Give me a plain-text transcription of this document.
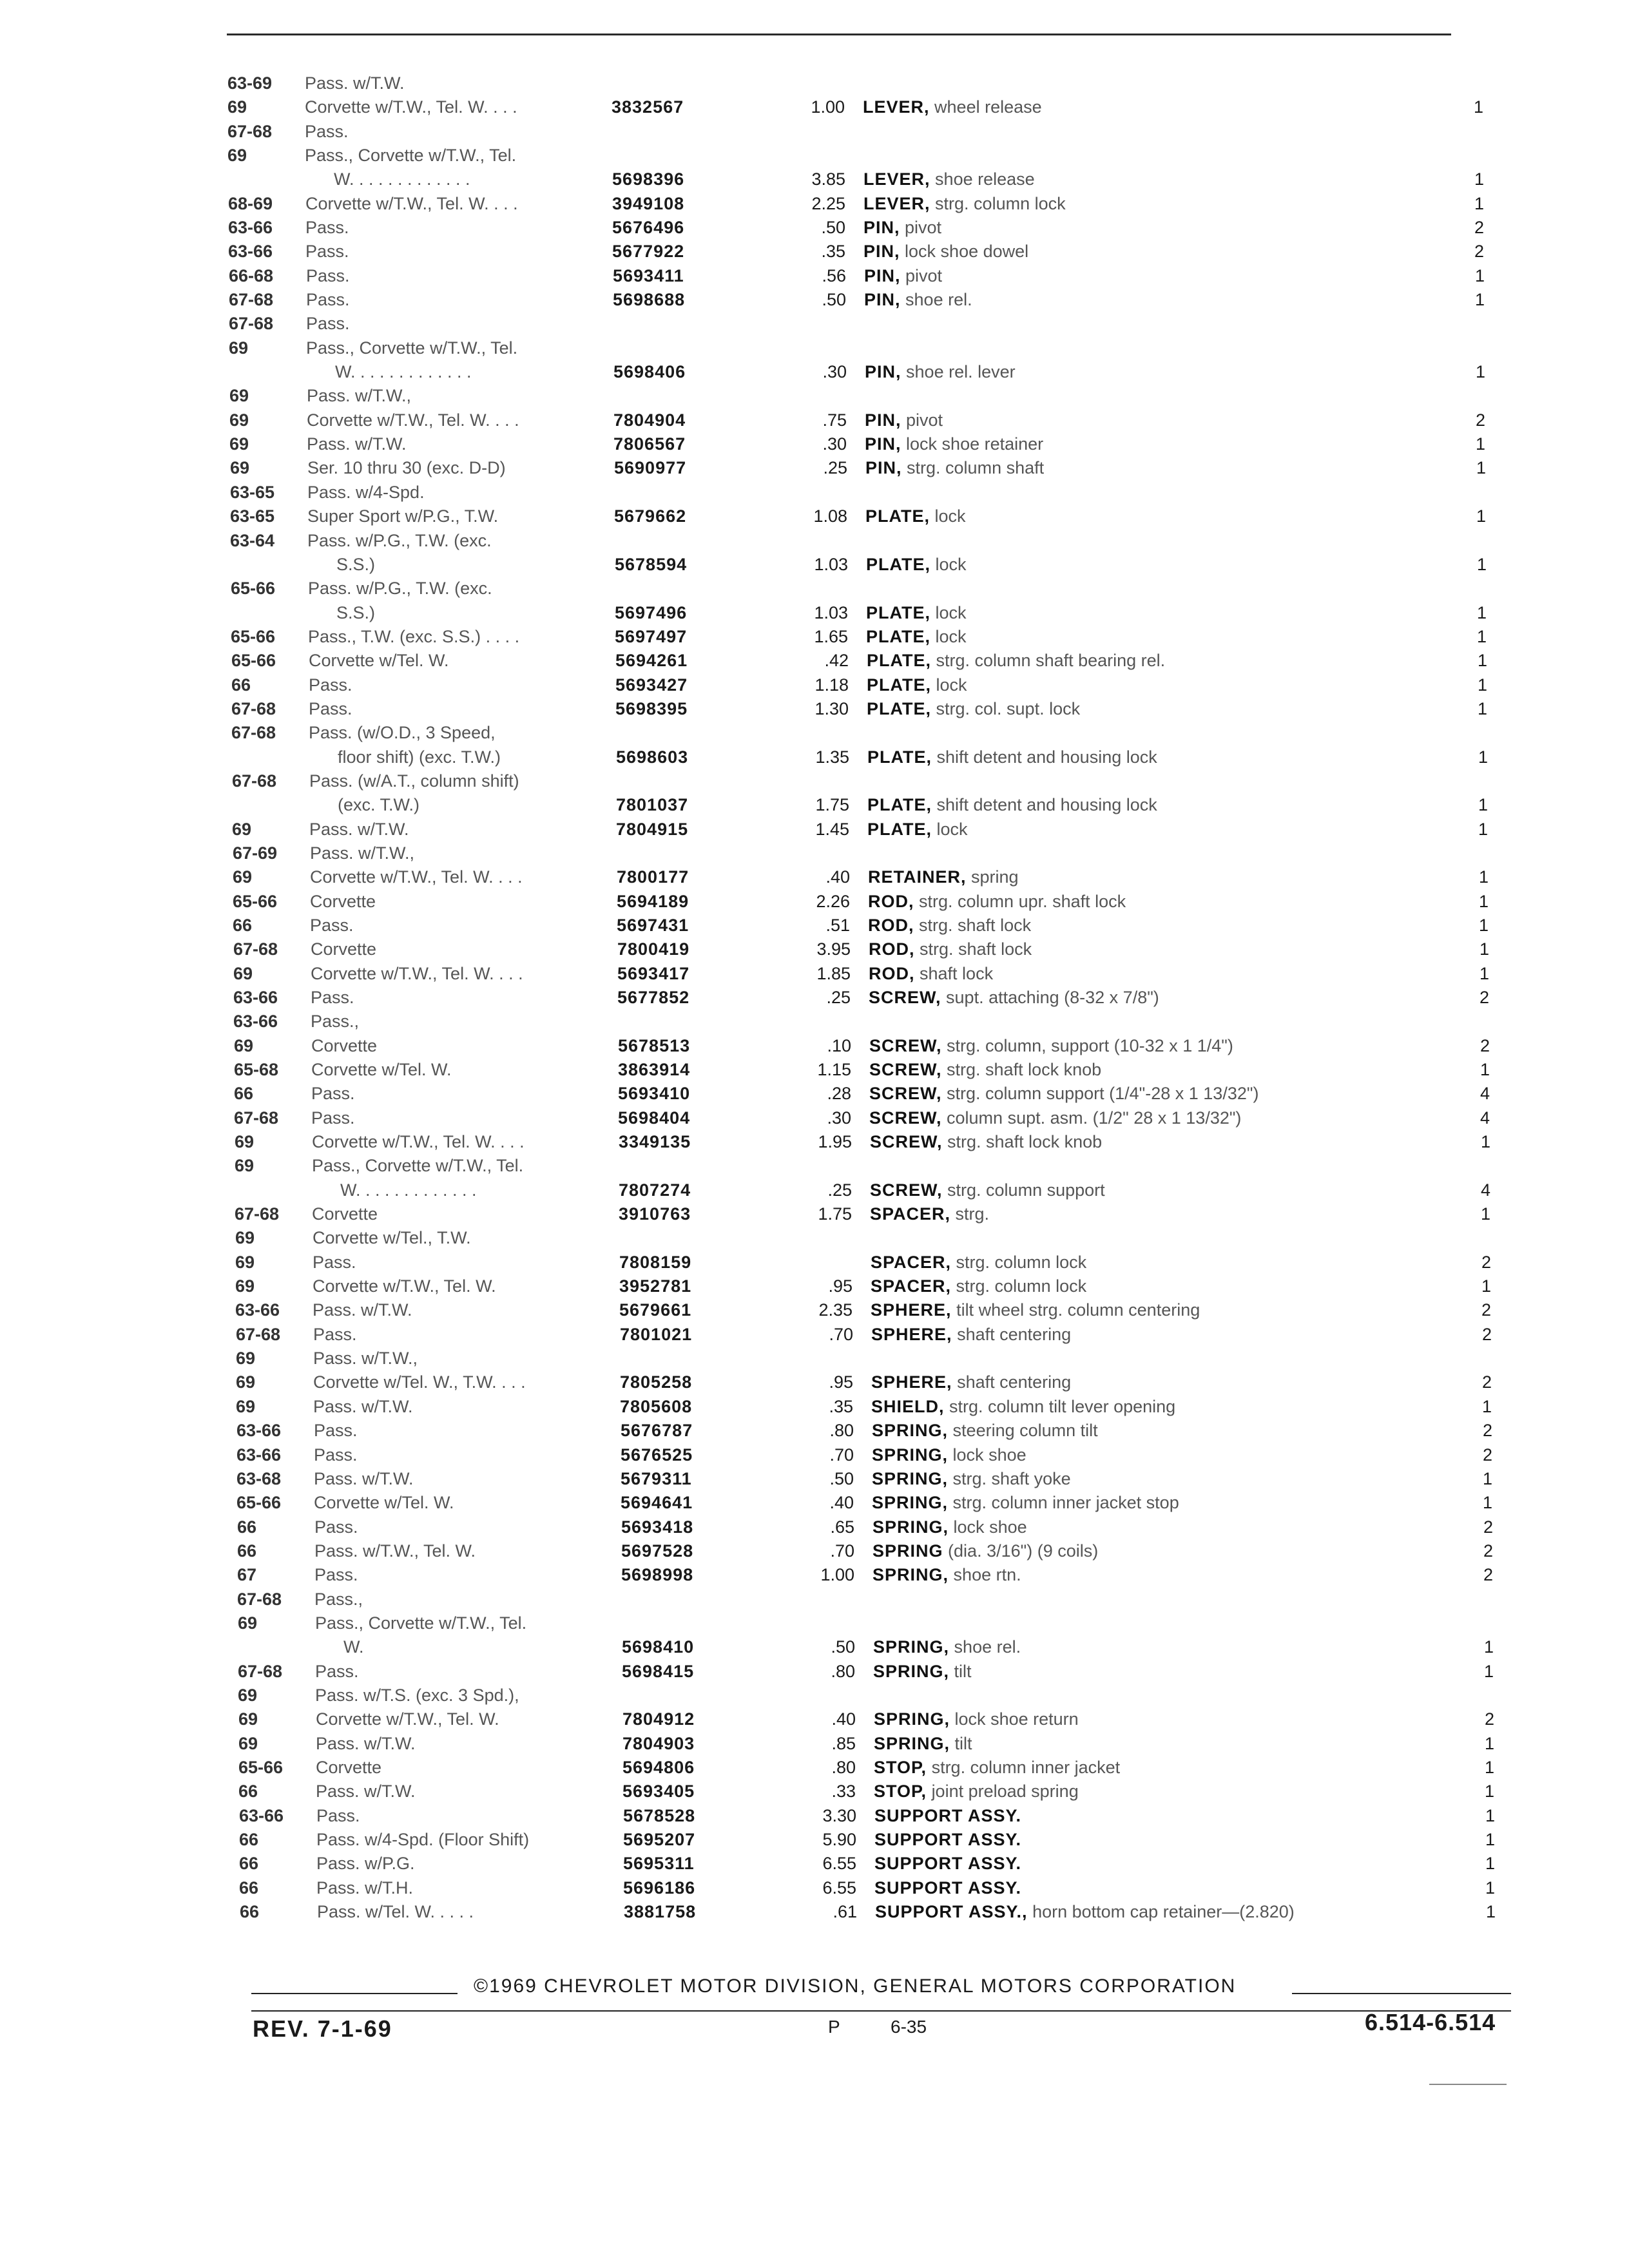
63-69 Pass. w/T.W.
69	Corvette w/T.W., Tel. W. . . .	3832567	1.00 LEVER, wheel release	1
67-68 Pass.
69	Pass., Corvette w/T.W., Tel.
W. . . . . . . . . . . . .	5698396	3.85 LEVER, shoe release	1
68-69 Corvette w/T.W., Tel. W. . . .	3949108	2.25 LEVER, strg. column lock	1
63-66 Pass.	5676496	.50 PIN, pivot	2
63-66 Pass.	5677922	.35 PIN, lock shoe dowel	2
66-68 Pass.	5693411	.56 PIN, pivot	1
67-68 Pass.	5698688	.50 PIN, shoe rel.	1
67-68 Pass.
69	Pass., Corvette w/T.W., Tel.
W. . . . . . . . . . . . .	5698406	.30 PIN, shoe rel. lever	1
69	Pass. w/T.W.,
69	Corvette w/T.W., Tel. W. . . .	7804904	.75 PIN, pivot	2
69	Pass. w/T.W.	7806567	.30 PIN, lock shoe retainer	1
69	Ser. 10 thru 30 (exc. D-D)	5690977	.25 PIN, strg. column shaft	1
63-65 Pass. w/4-Spd.
63-65 Super Sport w/P.G., T.W.	5679662	1.08 PLATE, lock	1
63-64 Pass. w/P.G., T.W. (exc.
S.S.)	5678594	1.03 PLATE, lock	1
65-66 Pass. w/P.G., T.W. (exc.
S.S.)	5697496	1.03 PLATE, lock	1
65-66 Pass., T.W. (exc. S.S.) . . . .	5697497	1.65 PLATE, lock	1
65-66 Corvette w/Tel. W.	5694261	.42 PLATE, strg. column shaft bearing rel.	1
66	Pass.	5693427	1.18 PLATE, lock	1
67-68 Pass.	5698395	1.30 PLATE, strg. col. supt. lock	1
67-68 Pass. (w/O.D., 3 Speed,
floor shift) (exc. T.W.)	5698603	1.35 PLATE, shift detent and housing lock	1
67-68 Pass. (w/A.T., column shift)
(exc. T.W.)	7801037	1.75 PLATE, shift detent and housing lock	1
69	Pass. w/T.W.	7804915	1.45 PLATE, lock	1
67-69 Pass. w/T.W.,
69	Corvette w/T.W., Tel. W. . . .	7800177	.40 RETAINER, spring	1
65-66 Corvette	5694189	2.26 ROD, strg. column upr. shaft lock	1
66	Pass.	5697431	.51 ROD, strg. shaft lock	1
67-68 Corvette	7800419	3.95 ROD, strg. shaft lock	1
69	Corvette w/T.W., Tel. W. . . .	5693417	1.85 ROD, shaft lock	1
63-66 Pass.	5677852	.25 SCREW, supt. attaching (8-32 x 7/8")	2
63-66 Pass.,
69	Corvette	5678513	.10 SCREW, strg. column, support (10-32 x 1 1/4")	2
65-68 Corvette w/Tel. W.	3863914	1.15 SCREW, strg. shaft lock knob	1
66	Pass.	5693410	.28 SCREW, strg. column support (1/4"-28 x 1 13/32")	4
67-68 Pass.	5698404	.30 SCREW, column supt. asm. (1/2" 28 x 1 13/32")	4
69	Corvette w/T.W., Tel. W. . . .	3349135	1.95 SCREW, strg. shaft lock knob	1
69	Pass., Corvette w/T.W., Tel.
W. . . . . . . . . . . . .	7807274	.25 SCREW, strg. column support	4
67-68 Corvette	3910763	1.75 SPACER, strg.	1
69	Corvette w/Tel., T.W.
69	Pass.	7808159	SPACER, strg. column lock	2
69	Corvette w/T.W., Tel. W.	3952781	.95 SPACER, strg. column lock	1
63-66 Pass. w/T.W.	5679661	2.35 SPHERE, tilt wheel strg. column centering	2
67-68 Pass.	7801021	.70 SPHERE, shaft centering	2
69	Pass. w/T.W.,
69	Corvette w/Tel. W., T.W. . . .	7805258	.95 SPHERE, shaft centering	2
69	Pass. w/T.W.	7805608	.35 SHIELD, strg. column tilt lever opening	1
63-66 Pass.	5676787	.80 SPRING, steering column tilt	2
63-66 Pass.	5676525	.70 SPRING, lock shoe	2
63-68 Pass. w/T.W.	5679311	.50 SPRING, strg. shaft yoke	1
65-66 Corvette w/Tel. W.	5694641	.40 SPRING, strg. column inner jacket stop	1
66	Pass.	5693418	.65 SPRING, lock shoe	2
66	Pass. w/T.W., Tel. W.	5697528	.70 SPRING (dia. 3/16") (9 coils)	2
67	Pass.	5698998	1.00 SPRING, shoe rtn.	2
67-68 Pass.,
69	Pass., Corvette w/T.W., Tel.
W.	5698410	.50 SPRING, shoe rel.	1
67-68 Pass.	5698415	.80 SPRING, tilt	1
69	Pass. w/T.S. (exc. 3 Spd.),
69	Corvette w/T.W., Tel. W.	7804912	.40 SPRING, lock shoe return	2
69	Pass. w/T.W.	7804903	.85 SPRING, tilt	1
65-66 Corvette	5694806	.80 STOP, strg. column inner jacket	1
66	Pass. w/T.W.	5693405	.33 STOP, joint preload spring	1
63-66 Pass.	5678528	3.30 SUPPORT ASSY.	1
66	Pass. w/4-Spd. (Floor Shift)	5695207	5.90 SUPPORT ASSY.	1
66	Pass. w/P.G.	5695311	6.55 SUPPORT ASSY.	1
66	Pass. w/T.H.	5696186	6.55 SUPPORT ASSY.	1
66	Pass. w/Tel. W. . . . .	3881758	.61 SUPPORT ASSY., horn bottom cap retainer—(2.820)	1
©1969 CHEVROLET MOTOR DIVISION, GENERAL MOTORS CORPORATION
REV. 7-1-69	P	6-35	6.514-6.514
